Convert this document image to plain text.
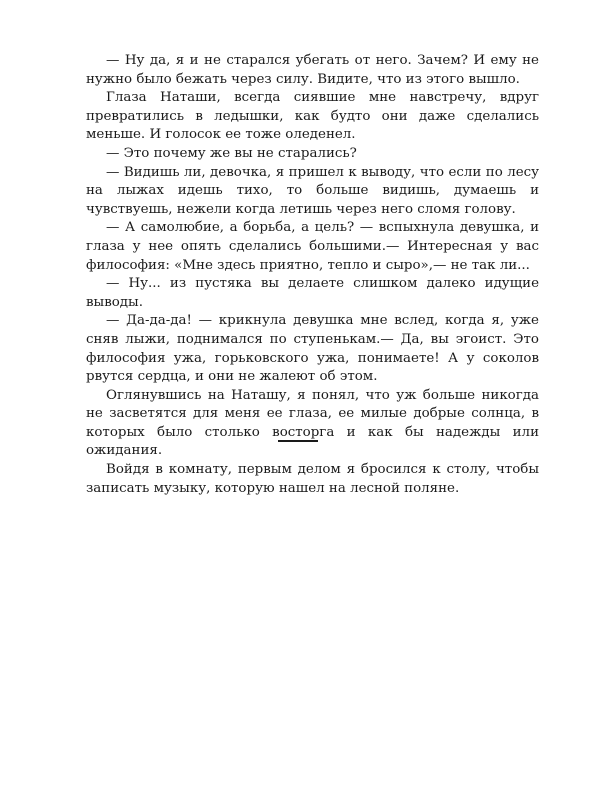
— Ну да, я и не старался убегать от него. Зачем? И ему не нужно было бежать через силу. Видите, что из этого вышло.

Глаза Наташи, всегда сиявшие мне навстречу, вдруг превратились в ледышки, как будто они даже сделались меньше. И голосок ее тоже оледенел.

— Это почему же вы не старались?

— Видишь ли, девочка, я пришел к выводу, что если по лесу на лыжах идешь тихо, то больше видишь, думаешь и чувствуешь, нежели когда летишь через него сломя голову.

— А самолюбие, а борьба, а цель? — вспыхнула девушка, и глаза у нее опять сделались большими.— Интересная у вас философия: «Мне здесь приятно, тепло и сыро»,— не так ли...

— Ну... из пустяка вы делаете слишком далеко идущие выводы.

— Да-да-да! — крикнула девушка мне вслед, когда я, уже сняв лыжи, поднимался по ступенькам.— Да, вы эгоист. Это философия ужа, горьковского ужа, понимаете! А у соколов рвутся сердца, и они не жалеют об этом.

Оглянувшись на Наташу, я понял, что уж больше никогда не засветятся для меня ее глаза, ее милые добрые солнца, в которых было столько восторга и как бы надежды или ожидания.

Войдя в комнату, первым делом я бросился к столу, чтобы записать музыку, которую нашел на лесной поляне.
